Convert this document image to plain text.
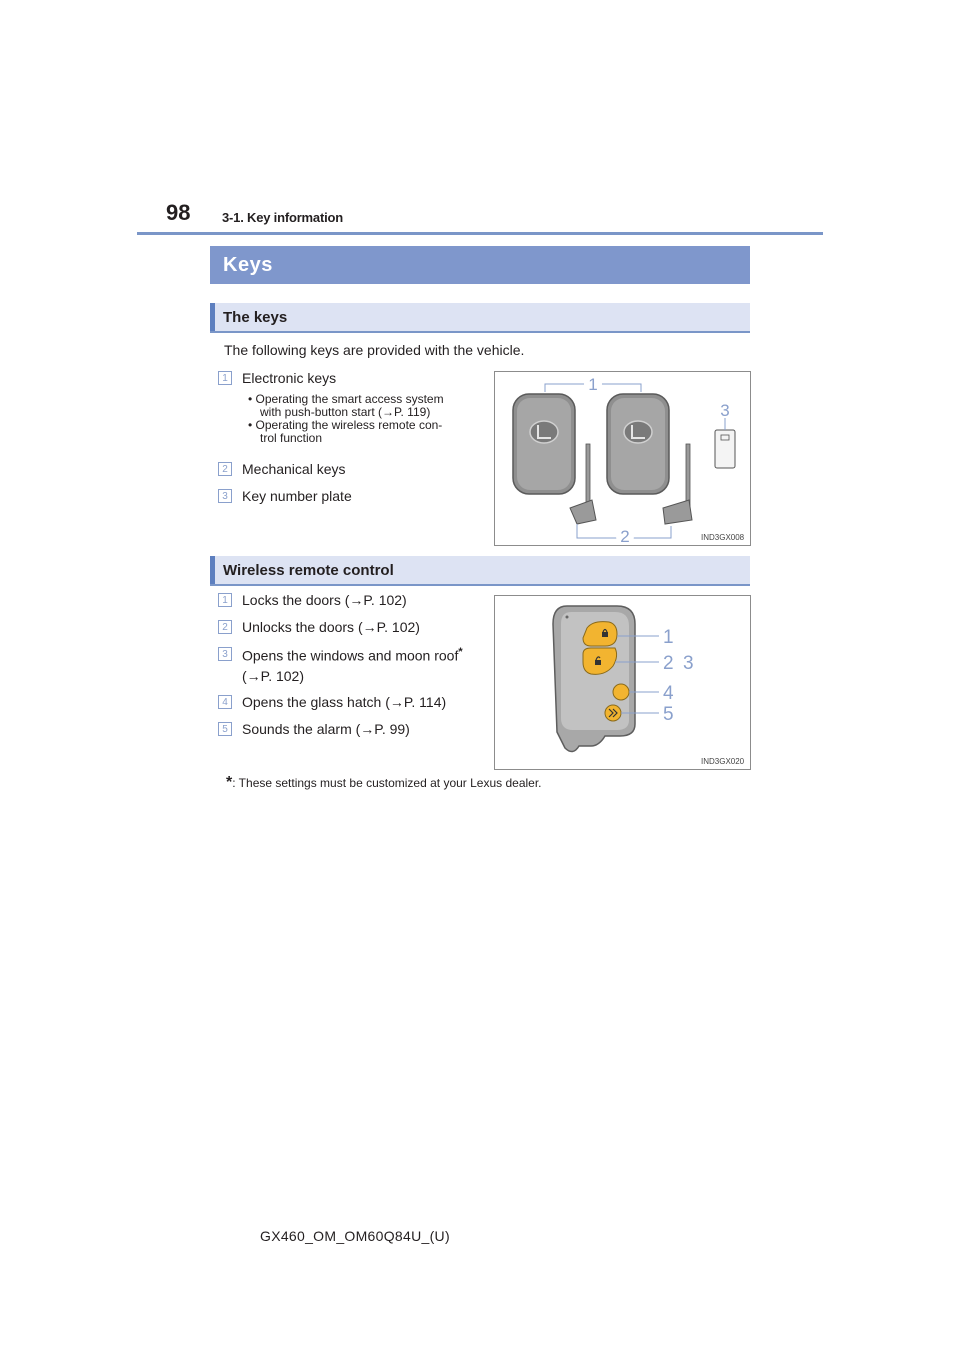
98 3-1. Key information
Keys
The keys
The following keys are provided with the vehicle.
1	Electronic keys
• Operating the smart access system
with push-button start (→P. 119)
• Operating the wireless remote con-
trol function
2	Mechanical keys
3	Key number plate
1
2
3
IND3GX008
Wireless remote control
1	Locks the doors (→P. 102)
2	Unlocks the doors (→P. 102)
3	Opens the windows and moon roof*
(→P. 102)
4	Opens the glass hatch (→P. 114)
5	Sounds the alarm (→P. 99)
1
2 3
4
5
IND3GX020
*: These settings must be customized at your Lexus dealer.
GX460_OM_OM60Q84U_(U)
